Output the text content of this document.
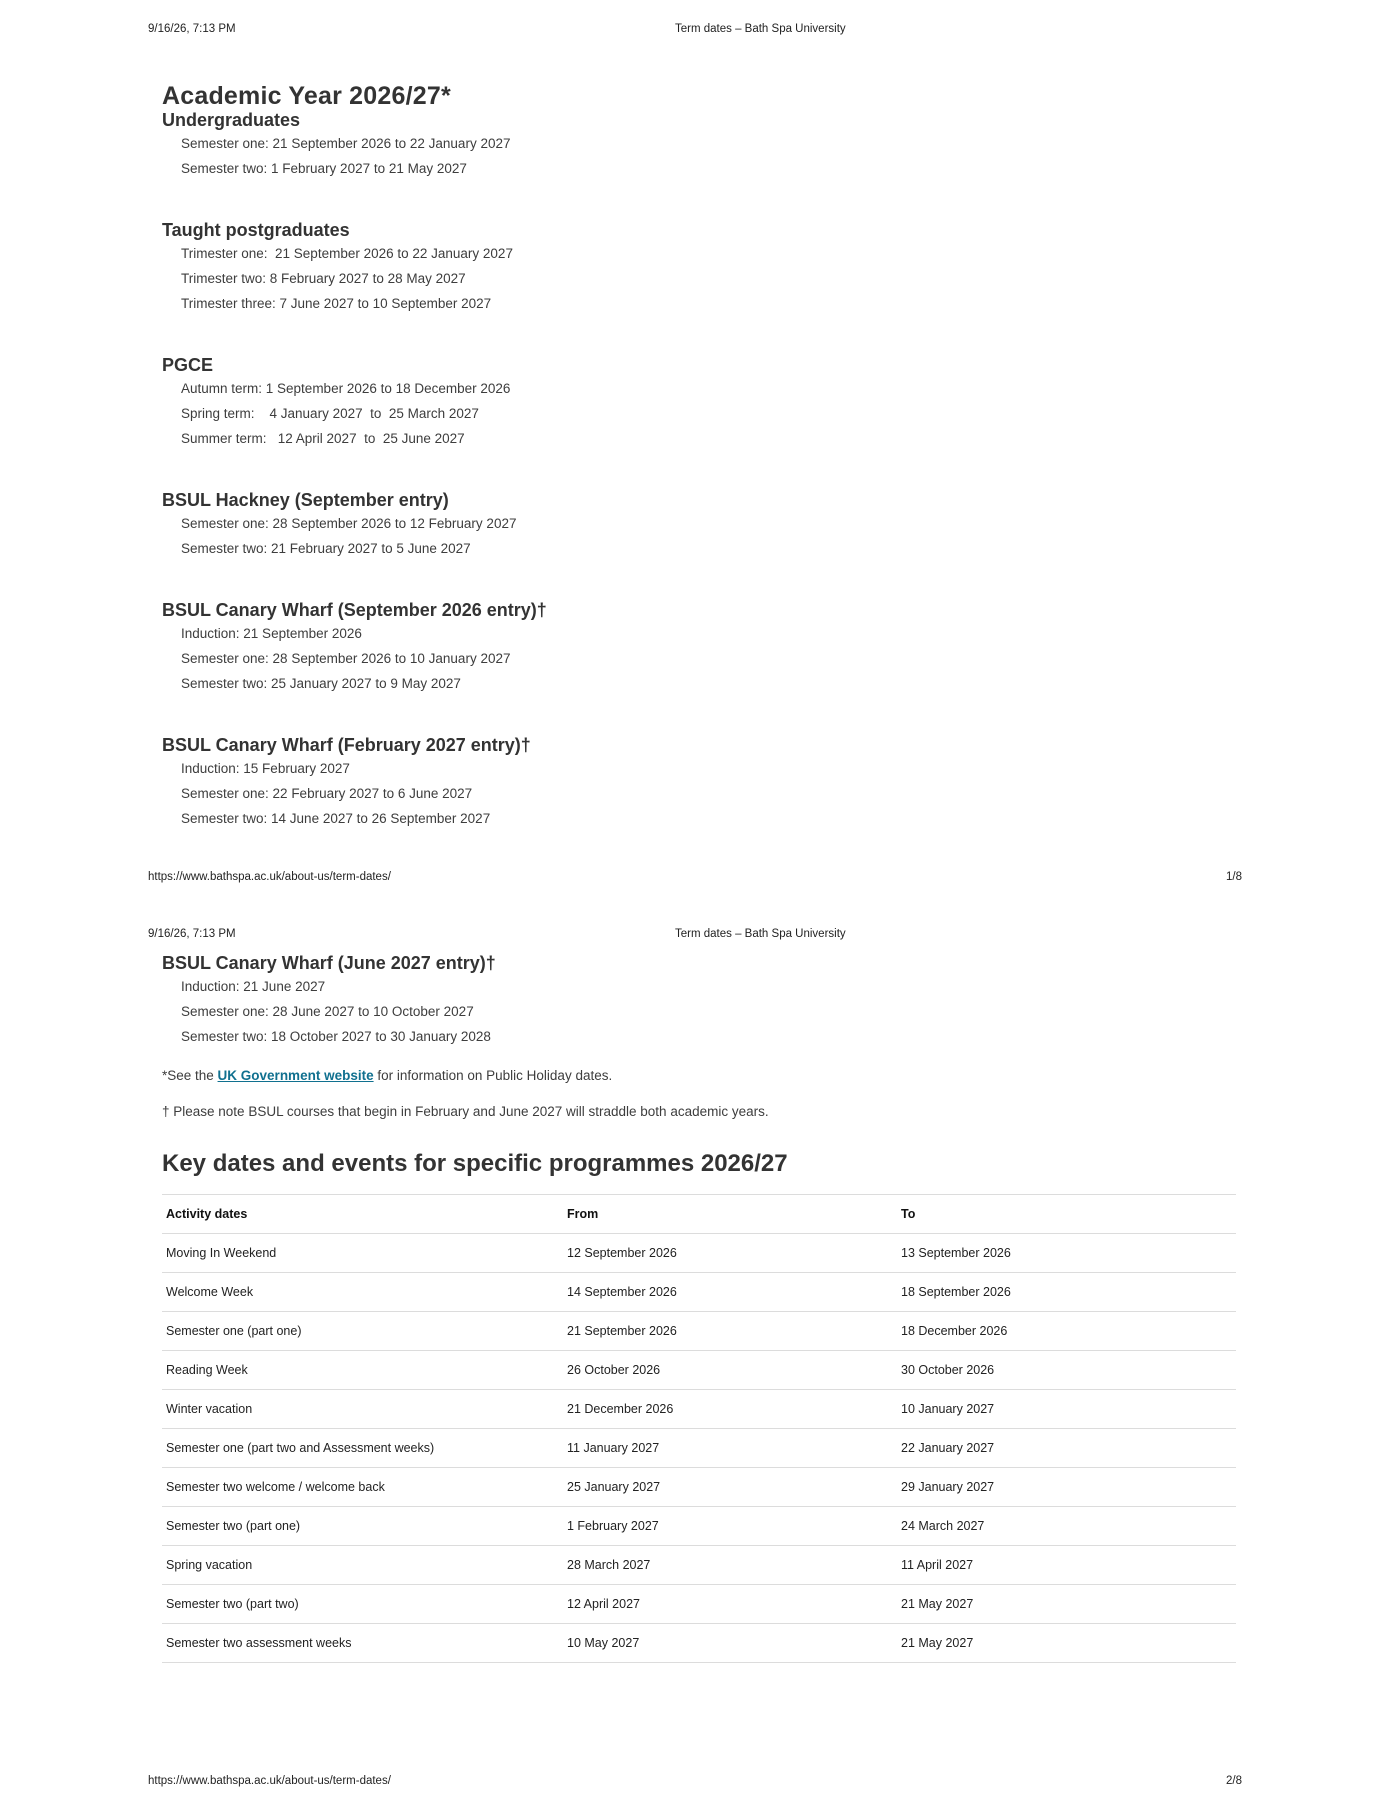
9/16/26, 7:13 PM	Term dates – Bath Spa University
Academic Year 2026/27*
Undergraduates
Semester one: 21 September 2026 to 22 January 2027
Semester two: 1 February 2027 to 21 May 2027
Taught postgraduates
Trimester one:  21 September 2026 to 22 January 2027
Trimester two: 8 February 2027 to 28 May 2027
Trimester three: 7 June 2027 to 10 September 2027
PGCE
Autumn term: 1 September 2026 to 18 December 2026
Spring term:    4 January 2027  to  25 March 2027
Summer term:   12 April 2027  to  25 June 2027
BSUL Hackney (September entry)
Semester one: 28 September 2026 to 12 February 2027
Semester two: 21 February 2027 to 5 June 2027
BSUL Canary Wharf (September 2026 entry)†
Induction: 21 September 2026
Semester one: 28 September 2026 to 10 January 2027
Semester two: 25 January 2027 to 9 May 2027
BSUL Canary Wharf (February 2027 entry)†
Induction: 15 February 2027
Semester one: 22 February 2027 to 6 June 2027
Semester two: 14 June 2027 to 26 September 2027
https://www.bathspa.ac.uk/about-us/term-dates/	1/8
9/16/26, 7:13 PM	Term dates – Bath Spa University
BSUL Canary Wharf (June 2027 entry)†
Induction: 21 June 2027
Semester one: 28 June 2027 to 10 October 2027
Semester two: 18 October 2027 to 30 January 2028
*See the UK Government website for information on Public Holiday dates.
† Please note BSUL courses that begin in February and June 2027 will straddle both academic years.
Key dates and events for specific programmes 2026/27
Activity dates	From	To
Moving In Weekend	12 September 2026	13 September 2026
Welcome Week	14 September 2026	18 September 2026
Semester one (part one)	21 September 2026	18 December 2026
Reading Week	26 October 2026	30 October 2026
Winter vacation	21 December 2026	10 January 2027
Semester one (part two and Assessment weeks)	11 January 2027	22 January 2027
Semester two welcome / welcome back	25 January 2027	29 January 2027
Semester two (part one)	1 February 2027	24 March 2027
Spring vacation	28 March 2027	11 April 2027
Semester two (part two)	12 April 2027	21 May 2027
Semester two assessment weeks	10 May 2027	21 May 2027
https://www.bathspa.ac.uk/about-us/term-dates/	2/8
